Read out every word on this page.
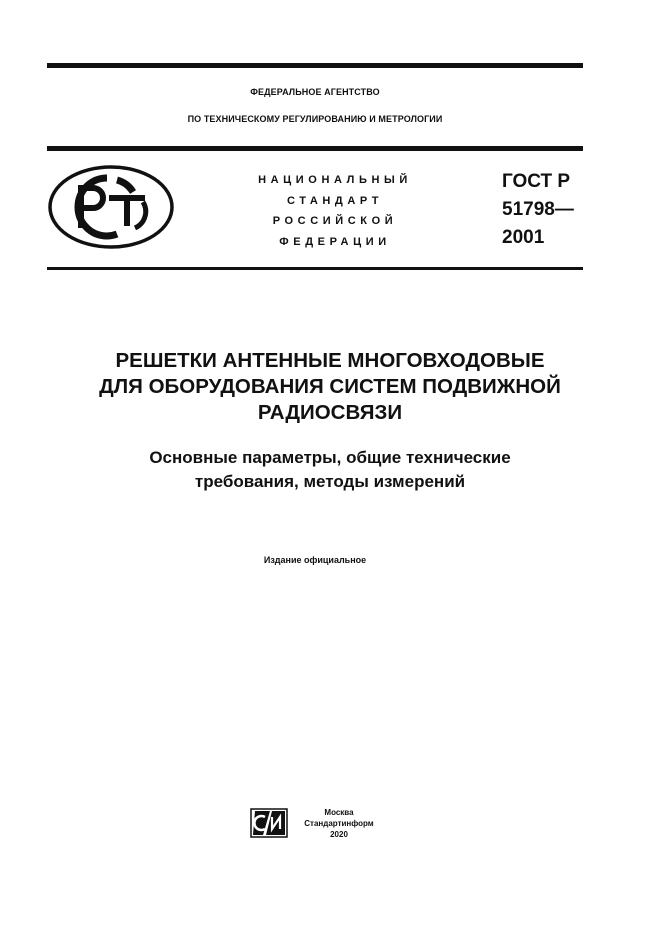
ФЕДЕРАЛЬНОЕ АГЕНТСТВО
ПО ТЕХНИЧЕСКОМУ РЕГУЛИРОВАНИЮ И МЕТРОЛОГИИ
НАЦИОНАЛЬНЫЙ
СТАНДАРТ
РОССИЙСКОЙ
ФЕДЕРАЦИИ
ГОСТ Р
51798—
2001
РЕШЕТКИ АНТЕННЫЕ МНОГОВХОДОВЫЕ
ДЛЯ ОБОРУДОВАНИЯ СИСТЕМ ПОДВИЖНОЙ
РАДИОСВЯЗИ
Основные параметры, общие технические
требования, методы измерений
Издание официальное
Москва
Стандартинформ
2020
